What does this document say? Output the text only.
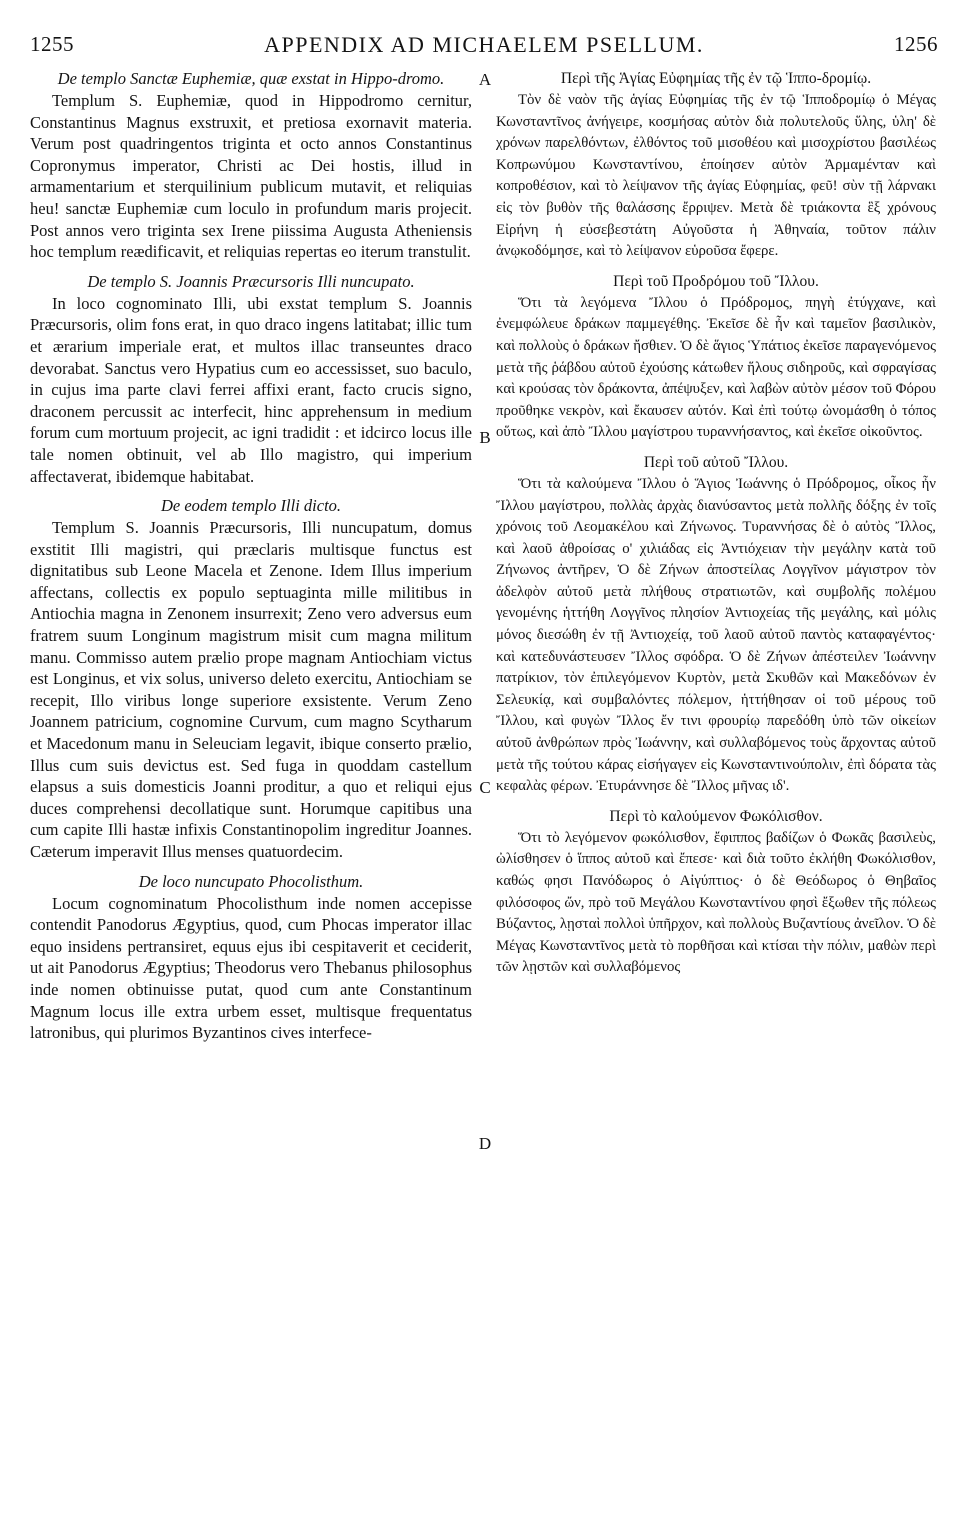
1255	APPENDIX AD MICHAELEM PSELLUM.	1256

De templo Sanctæ Euphemiæ, quæ exstat in Hippo-dromo.

Templum S. Euphemiæ, quod in Hippodromo cernitur, Constantinus Magnus exstruxit, et pretiosa exornavit materia. Verum post quadringentos triginta et octo annos Constantinus Copronymus imperator, Christi ac Dei hostis, illud in armamentarium et sterquilinium publicum mutavit, et reliquias heu! sanctæ Euphemiæ cum loculo in profundum maris projecit. Post annos vero triginta sex Irene piissima Augusta Atheniensis hoc templum reædificavit, et reliquias repertas eo iterum transtulit.

De templo S. Joannis Præcursoris Illi nuncupato.

In loco cognominato Illi, ubi exstat templum S. Joannis Præcursoris, olim fons erat, in quo draco ingens latitabat; illic tum et ærarium imperiale erat, et multos illac transeuntes draco devorabat. Sanctus vero Hypatius cum eo accessisset, suo baculo, in cujus ima parte clavi ferrei affixi erant, facto crucis signo, draconem percussit ac interfecit, hinc apprehensum in medium forum cum mortuum projecit, ac igni tradidit : et idcirco locus ille tale nomen obtinuit, vel ab Illo magistro, qui imperium affectaverat, ibidemque habitabat.

De eodem templo Illi dicto.

Templum S. Joannis Præcursoris, Illi nuncupatum, domus exstitit Illi magistri, qui præclaris multisque functus est dignitatibus sub Leone Macela et Zenone. Idem Illus imperium affectans, collectis ex populo septuaginta mille militibus in Antiochia magna in Zenonem insurrexit; Zeno vero adversus eum fratrem suum Longinum magistrum misit cum magna militum manu. Commisso autem prælio prope magnam Antiochiam victus est Longinus, et vix solus, universo deleto exercitu, Antiochiam se recepit, Illo viribus longe superiore exsistente. Verum Zeno Joannem patricium, cognomine Curvum, cum magno Scytharum et Macedonum manu in Seleuciam legavit, ibique conserto prælio, Illus cum suis devictus est. Sed fuga in quoddam castellum elapsus a suis domesticis Joanni proditur, a quo et reliqui ejus duces comprehensi decollatique sunt. Horumque capitibus una cum capite Illi hastæ infixis Constantinopolim ingreditur Joannes. Cæterum imperavit Illus menses quatuordecim.

De loco nuncupato Phocolisthum.

Locum cognominatum Phocolisthum inde nomen accepisse contendit Panodorus Ægyptius, quod, cum Phocas imperator illac equo insidens pertransiret, equus ejus ibi cespitaverit et ceciderit, ut ait Panodorus Ægyptius; Theodorus vero Thebanus philosophus inde nomen obtinuisse putat, quod cum ante Constantinum Magnum locus ille extra urbem esset, multisque frequentatus latronibus, qui plurimos Byzantinos cives interfece-

Περὶ τῆς Ἁγίας Εὐφημίας τῆς ἐν τῷ Ἱππο-δρομίῳ.

Τὸν δὲ ναὸν τῆς ἁγίας Εὐφημίας τῆς ἐν τῷ Ἱπποδρομίῳ ὁ Μέγας Κωνσταντῖνος ἀνήγειρε, κοσμήσας αὐτὸν διὰ πολυτελοῦς ὕλης, ὑλη' δὲ χρόνων παρελθόντων, ἐλθόντος τοῦ μισοθέου καὶ μισοχρίστου βασιλέως Κοπρωνύμου Κωνσταντίνου, ἐποίησεν αὐτὸν Ἀρμαμένταν καὶ κοπροθέσιον, καὶ τὸ λείψανον τῆς ἁγίας Εὐφημίας, φεῦ! σὺν τῇ λάρνακι εἰς τὸν βυθὸν τῆς θαλάσσης ἔρριψεν. Μετὰ δὲ τριάκοντα ἓξ χρόνους Εἰρήνη ἡ εὐσεβεστάτη Αὐγοῦστα ἡ Ἀθηναία, τοῦτον πάλιν ἀνῳκοδόμησε, καὶ τὸ λείψανον εὑροῦσα ἔφερε.

Περὶ τοῦ Προδρόμου τοῦ Ἴλλου.

Ὅτι τὰ λεγόμενα Ἴλλου ὁ Πρόδρομος, πηγὴ ἐτύγχανε, καὶ ἐνεμφώλευε δράκων παμμεγέθης. Ἐκεῖσε δὲ ἦν καὶ ταμεῖον βασιλικὸν, καὶ πολλοὺς ὁ δράκων ἤσθιεν. Ὁ δὲ ἅγιος Ὑπάτιος ἐκεῖσε παραγενόμενος μετὰ τῆς ῥάβδου αὐτοῦ ἐχούσης κάτωθεν ἥλους σιδηροῦς, καὶ σφραγίσας καὶ κρούσας τὸν δράκοντα, ἀπέψυξεν, καὶ λαβὼν αὐτὸν μέσον τοῦ Φόρου προῦθηκε νεκρὸν, καὶ ἔκαυσεν αὐτόν. Καὶ ἐπὶ τούτῳ ὠνομάσθη ὁ τόπος οὕτως, καὶ ἀπὸ Ἴλλου μαγίστρου τυραννήσαντος, καὶ ἐκεῖσε οἰκοῦντος.

Περὶ τοῦ αὐτοῦ Ἴλλου.

Ὅτι τὰ καλούμενα Ἴλλου ὁ Ἅγιος Ἰωάννης ὁ Πρόδρομος, οἶκος ἦν Ἴλλου μαγίστρου, πολλὰς ἀρχὰς διανύσαντος μετὰ πολλῆς δόξης ἐν τοῖς χρόνοις τοῦ Λεομακέλου καὶ Ζήνωνος. Τυραννήσας δὲ ὁ αὐτὸς Ἴλλος, καὶ λαοῦ ἀθροίσας ο' χιλιάδας εἰς Ἀντιόχειαν τὴν μεγάλην κατὰ τοῦ Ζήνωνος ἀντῆρεν, Ὁ δὲ Ζήνων ἀποστείλας Λογγῖνον μάγιστρον τὸν ἀδελφὸν αὐτοῦ μετὰ πλήθους στρατιωτῶν, καὶ συμβολῆς πολέμου γενομένης ἡττήθη Λογγῖνος πλησίον Ἀντιοχείας τῆς μεγάλης, καὶ μόλις μόνος διεσώθη ἐν τῇ Ἀντιοχείᾳ, τοῦ λαοῦ αὐτοῦ παντὸς καταφαγέντος· καὶ κατεδυνάστευσεν Ἴλλος σφόδρα. Ὁ δὲ Ζήνων ἀπέστειλεν Ἰωάννην πατρίκιον, τὸν ἐπιλεγόμενον Κυρτὸν, μετὰ Σκυθῶν καὶ Μακεδόνων ἐν Σελευκίᾳ, καὶ συμβαλόντες πόλεμον, ἡττήθησαν οἱ τοῦ μέρους τοῦ Ἴλλου, καὶ φυγὼν Ἴλλος ἔν τινι φρουρίῳ παρεδόθη ὑπὸ τῶν οἰκείων αὐτοῦ ἀνθρώπων πρὸς Ἰωάννην, καὶ συλλαβόμενος τοὺς ἄρχοντας αὐτοῦ μετὰ τῆς τούτου κάρας εἰσήγαγεν εἰς Κωνσταντινούπολιν, ἐπὶ δόρατα τὰς κεφαλὰς φέρων. Ἐτυράννησε δὲ Ἴλλος μῆνας ιδ'.

Περὶ τὸ καλούμενον Φωκόλισθον.

Ὅτι τὸ λεγόμενον φωκόλισθον, ἔφιππος βαδίζων ὁ Φωκᾶς βασιλεὺς, ὠλίσθησεν ὁ ἵππος αὐτοῦ καὶ ἔπεσε· καὶ διὰ τοῦτο ἐκλήθη Φωκόλισθον, καθώς φησι Πανόδωρος ὁ Αἰγύπτιος· ὁ δὲ Θεόδωρος ὁ Θηβαῖος φιλόσοφος ὤν, πρὸ τοῦ Μεγάλου Κωνσταντίνου φησὶ ἔξωθεν τῆς πόλεως Βύζαντος, λῃσταὶ πολλοὶ ὑπῆρχον, καὶ πολλοὺς Βυζαντίους ἀνεῖλον. Ὁ δὲ Μέγας Κωνσταντῖνος μετὰ τὸ πορθῆσαι καὶ κτίσαι τὴν πόλιν, μαθὼν περὶ τῶν λῃστῶν καὶ συλλαβόμενος

A
B
C
D
